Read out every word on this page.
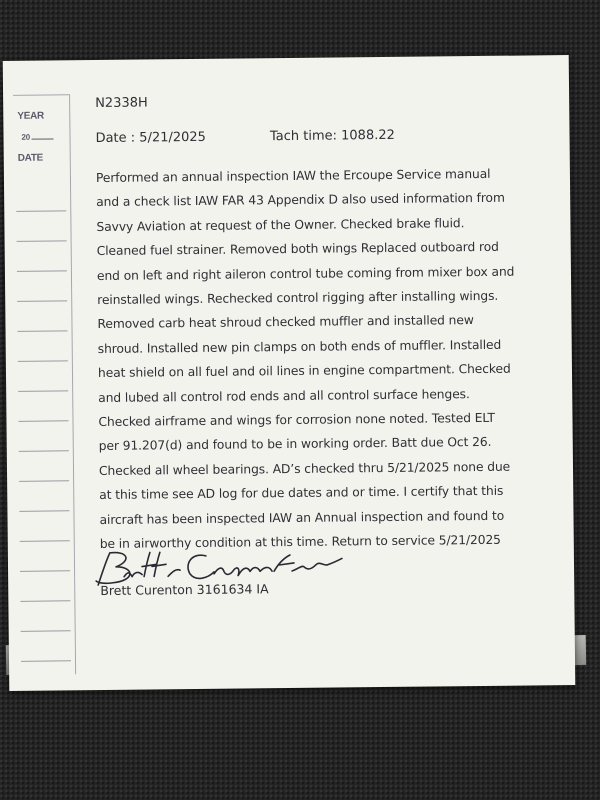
YEAR
20
DATE
N2338H
Date : 5/21/2025	Tach time: 1088.22
Performed an annual inspection IAW the Ercoupe Service manual
and a check list IAW FAR 43 Appendix D also used information from
Savvy Aviation at request of the Owner. Checked brake fluid.
Cleaned fuel strainer. Removed both wings Replaced outboard rod
end on left and right aileron control tube coming from mixer box and
reinstalled wings. Rechecked control rigging after installing wings.
Removed carb heat shroud checked muffler and installed new
shroud. Installed new pin clamps on both ends of muffler. Installed
heat shield on all fuel and oil lines in engine compartment. Checked
and lubed all control rod ends and all control surface henges.
Checked airframe and wings for corrosion none noted. Tested ELT
per 91.207(d) and found to be in working order. Batt due Oct 26.
Checked all wheel bearings. AD’s checked thru 5/21/2025 none due
at this time see AD log for due dates and or time. I certify that this
aircraft has been inspected IAW an Annual inspection and found to
be in airworthy condition at this time. Return to service 5/21/2025
Brett Curenton 3161634 IA
